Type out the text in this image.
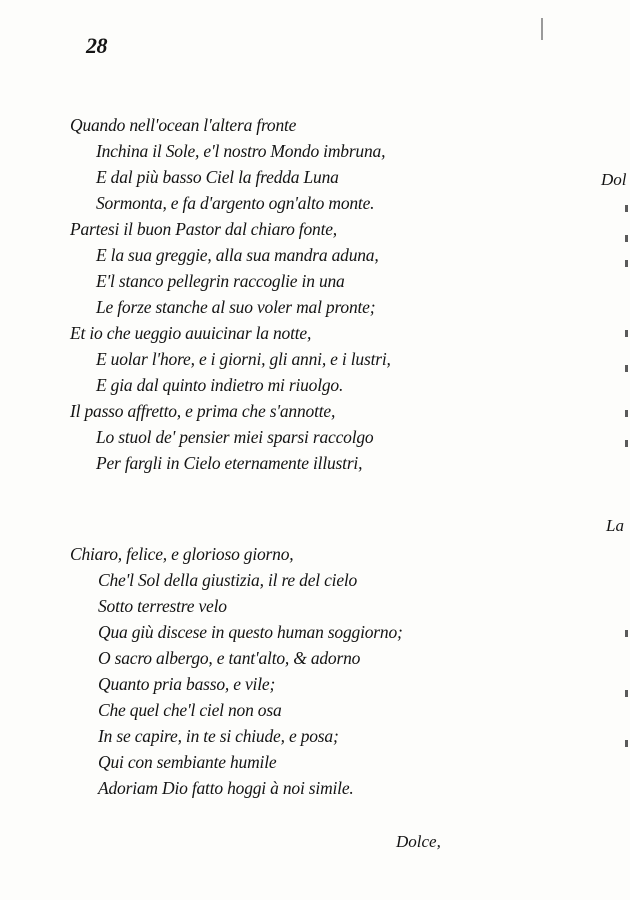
28
Quando nell'ocean l'altera fronte
Inchina il Sole, e'l nostro Mondo imbruna,
E dal più basso Ciel la fredda Luna
Sormonta, e fa d'argento ogn'alto monte.
Partesi il buon Pastor dal chiaro fonte,
E la sua greggie, alla sua mandra aduna,
E'l stanco pellegrin raccoglie in una
Le forze stanche al suo voler mal pronte;
Et io che ueggio auuicinar la notte,
E uolar l'hore, e i giorni, gli anni, e i lustri,
E gia dal quinto indietro mi riuolgo.
Il passo affretto, e prima che s'annotte,
Lo stuol de' pensier miei sparsi raccolgo
Per fargli in Cielo eternamente illustri,
Chiaro, felice, e glorioso giorno,
Che'l Sol della giustizia, il re del cielo
Sotto terrestre velo
Qua giù discese in questo human soggiorno;
O sacro albergo, e tant'alto, & adorno
Quanto pria basso, e vile;
Che quel che'l ciel non osa
In se capire, in te si chiude, e posa;
Qui con sembiante humile
Adoriam Dio fatto hoggi à noi simile.
Dolce,
Dol
La
